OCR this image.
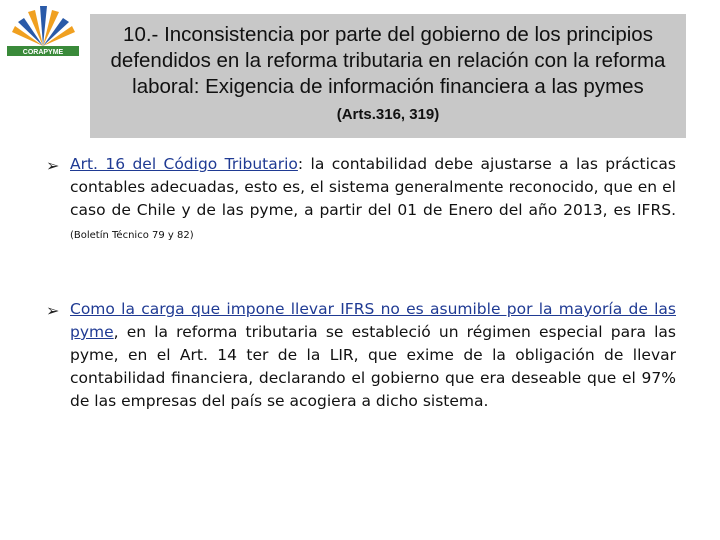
CORAPYME
10.- Inconsistencia por parte del gobierno de los principios defendidos en la reforma tributaria en relación con la reforma laboral: Exigencia de información financiera a las pymes (Arts.316, 319)
➢ Art. 16 del Código Tributario: la contabilidad debe ajustarse a las prácticas contables adecuadas, esto es, el sistema generalmente reconocido, que en el caso de Chile y de las pyme, a partir del 01 de Enero del año 2013, es IFRS. (Boletín Técnico 79 y 82)
➢ Como la carga que impone llevar IFRS no es asumible por la mayoría de las pyme, en la reforma tributaria se estableció un régimen especial para las pyme, en el Art. 14 ter de la LIR, que exime de la obligación de llevar contabilidad financiera, declarando el gobierno que era deseable que el 97% de las empresas del país se acogiera a dicho sistema.
